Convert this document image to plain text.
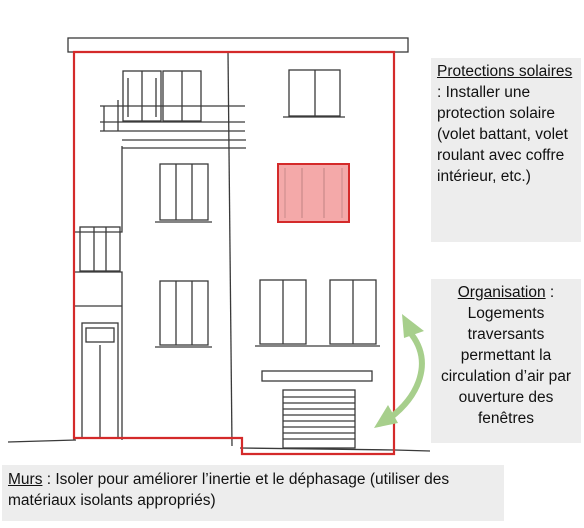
Protections solaires : Installer une protection solaire (volet battant, volet roulant avec coffre intérieur, etc.)
Organisation : Logements traversants permettant la circulation d’air par ouverture des fenêtres
Murs : Isoler pour améliorer l’inertie et le déphasage (utiliser des matériaux isolants appropriés)
